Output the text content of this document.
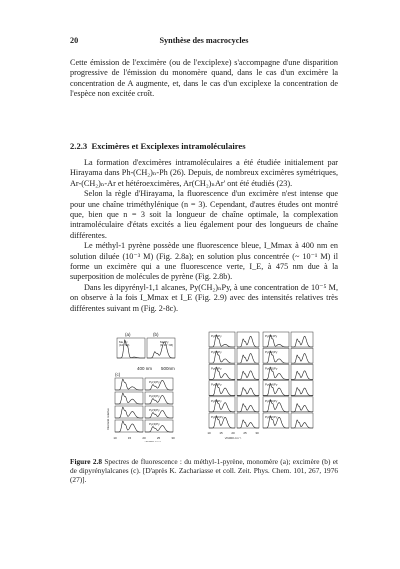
20	Synthèse des macrocycles

Cette émission de l'excimère (ou de l'exciplexe) s'accompagne d'une disparition progressive de l'émission du monomère quand, dans le cas d'un excimère la concentration de A augmente, et, dans le cas d'un exciplexe la concentration de l'espèce non excitée croît.

2.2.3 Excimères et Exciplexes intramoléculaires

La formation d'excimères intramoléculaires a été étudiée initialement par Hirayama dans Ph-(CH₂)ₙ-Ph (26). Depuis, de nombreux excimères symétriques, Ar-(CH₂)ₙ-Ar et hétéroexcimères, Ar(CH₂)ₙAr' ont été étudiés (23).

Selon la règle d'Hirayama, la fluorescence d'un excimère n'est intense que pour une chaîne triméthylénique (n = 3). Cependant, d'autres études ont montré que, bien que n = 3 soit la longueur de chaîne optimale, la complexation intramoléculaire d'états excités a lieu également pour des longueurs de chaîne différentes.

Le méthyl-1 pyrène possède une fluorescence bleue, I_Mmax à 400 nm en solution diluée (10⁻³ M) (Fig. 2.8a); en solution plus concentrée (~ 10⁻¹ M) il forme un excimère qui a une fluorescence verte, I_E, à 475 nm due à la superposition de molécules de pyrène (Fig. 2.8b).

Dans les dipyrényl-1,1 alcanes, Py(CH₂)ₙPy, à une concentration de 10⁻⁵ M, on observe à la fois I_Mmax et I_E (Fig. 2.9) avec des intensités relatives très différentes suivant m (Fig. 2-8c).

(a)	(b)
Me Py
(10⁻³M)
Me Py
(1·10⁻¹M)
400 nm 500nm
(c)
Py(1)Py
Py(2)Py
Py(3)Py
Py(4)Py
Intensité relative
10	15	20	25	30
ν̃/1000 cm⁻¹
Py(5)Py
Py(6)Py
Py(7)Py
Py(8)Py
Py(9)Py
Py(10)Py
Py(11)Py
Py(12)Py
Py(13)Py
Py(14)Py
Py(16)Py
Py(22)Py
10	15	20	25	30
ν̃/1000 cm⁻¹
Figure 2.8 Spectres de fluorescence : du méthyl-1-pyrène, monomère (a); excimère (b) et de dipyrénylalcanes (c). [D'après K. Zachariasse et coll. Zeit. Phys. Chem. 101, 267, 1976 (27)].
